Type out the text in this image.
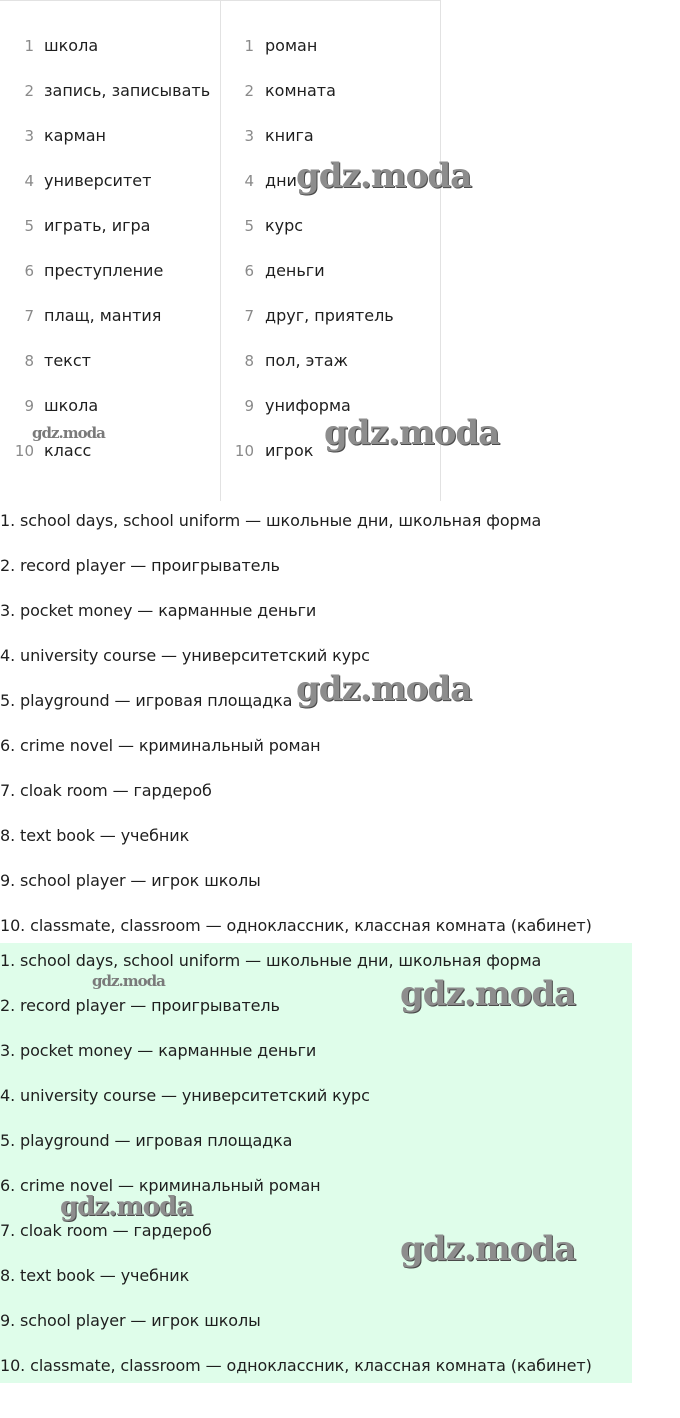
1 школа
2 запись, записывать
3 карман
4 университет
5 играть, игра
6 преступление
7 плащ, мантия
8 текст
9 школа
10 класс
1 роман
2 комната
3 книга
4 дни
5 курс
6 деньги
7 друг, приятель
8 пол, этаж
9 униформа
10 игрок
1. school days, school uniform — школьные дни, школьная форма
2. record player — проигрыватель
3. pocket money — карманные деньги
4. university course — университетский курс
5. playground — игровая площадка
6. crime novel — криминальный роман
7. cloak room — гардероб
8. text book — учебник
9. school player — игрок школы
10. classmate, classroom — одноклассник, классная комната (кабинет)
1. school days, school uniform — школьные дни, школьная форма
2. record player — проигрыватель
3. pocket money — карманные деньги
4. university course — университетский курс
5. playground — игровая площадка
6. crime novel — криминальный роман
7. cloak room — гардероб
8. text book — учебник
9. school player — игрок школы
10. classmate, classroom — одноклассник, классная комната (кабинет)
gdz.moda
gdz.moda	gdz.moda
gdz.moda
gdz.moda	gdz.moda
gdz.moda
gdz.moda
